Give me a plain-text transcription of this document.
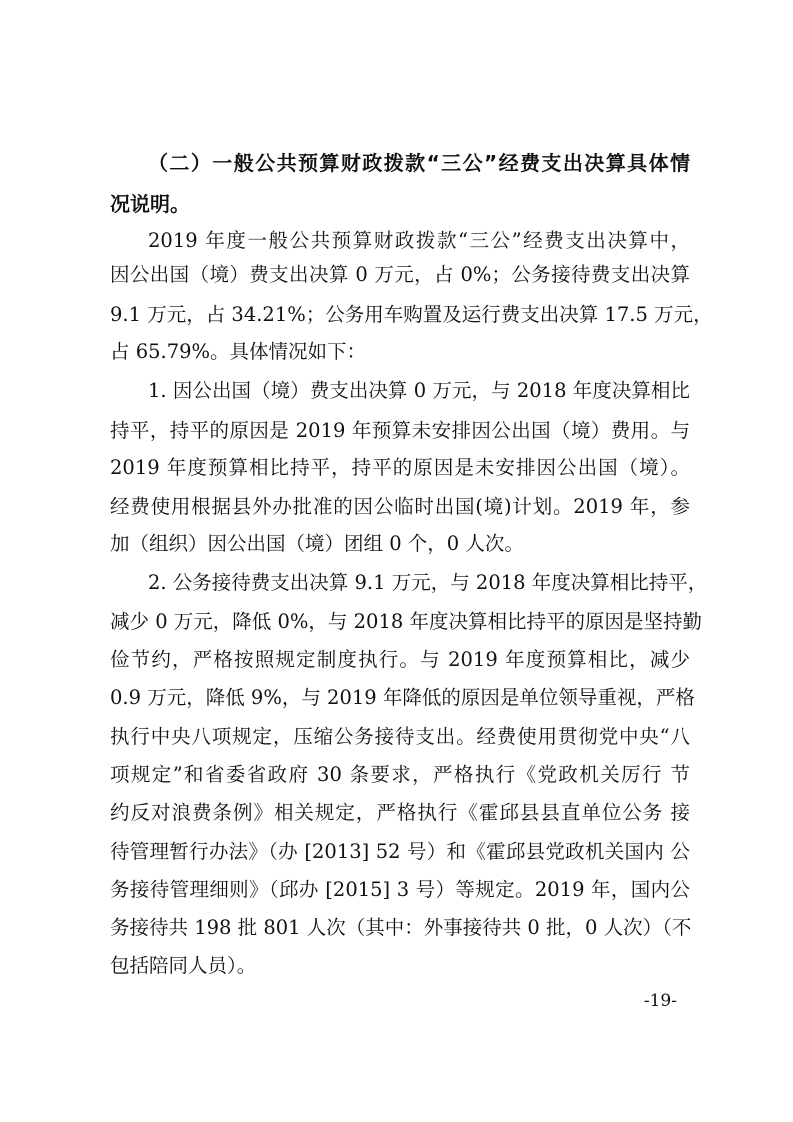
（二）一般公共预算财政拨款“三公”经费支出决算具体情
况说明。
2019 年度一般公共预算财政拨款“三公”经费支出决算中，
因公出国（境）费支出决算 0 万元，占 0%；公务接待费支出决算
9.1 万元，占 34.21%；公务用车购置及运行费支出决算 17.5 万元，
占 65.79%。具体情况如下：
1. 因公出国（境）费支出决算 0 万元，与 2018 年度决算相比
持平，持平的原因是 2019 年预算未安排因公出国（境）费用。与
2019 年度预算相比持平，持平的原因是未安排因公出国（境）。
经费使用根据县外办批准的因公临时出国(境)计划。2019 年，参
加（组织）因公出国（境）团组 0 个，0 人次。
2. 公务接待费支出决算 9.1 万元，与 2018 年度决算相比持平，
减少 0 万元，降低 0%，与 2018 年度决算相比持平的原因是坚持勤
俭节约，严格按照规定制度执行。与 2019 年度预算相比，减少
0.9 万元，降低 9%，与 2019 年降低的原因是单位领导重视，严格
执行中央八项规定，压缩公务接待支出。经费使用贯彻党中央“八
项规定”和省委省政府 30 条要求，严格执行《党政机关厉行 节
约反对浪费条例》相关规定，严格执行《霍邱县县直单位公务 接
待管理暂行办法》（办 [2013] 52 号）和《霍邱县党政机关国内 公
务接待管理细则》（邱办 [2015] 3 号）等规定。2019 年，国内公
务接待共 198 批 801 人次（其中：外事接待共 0 批，0 人次）（不
包括陪同人员）。
-19-
